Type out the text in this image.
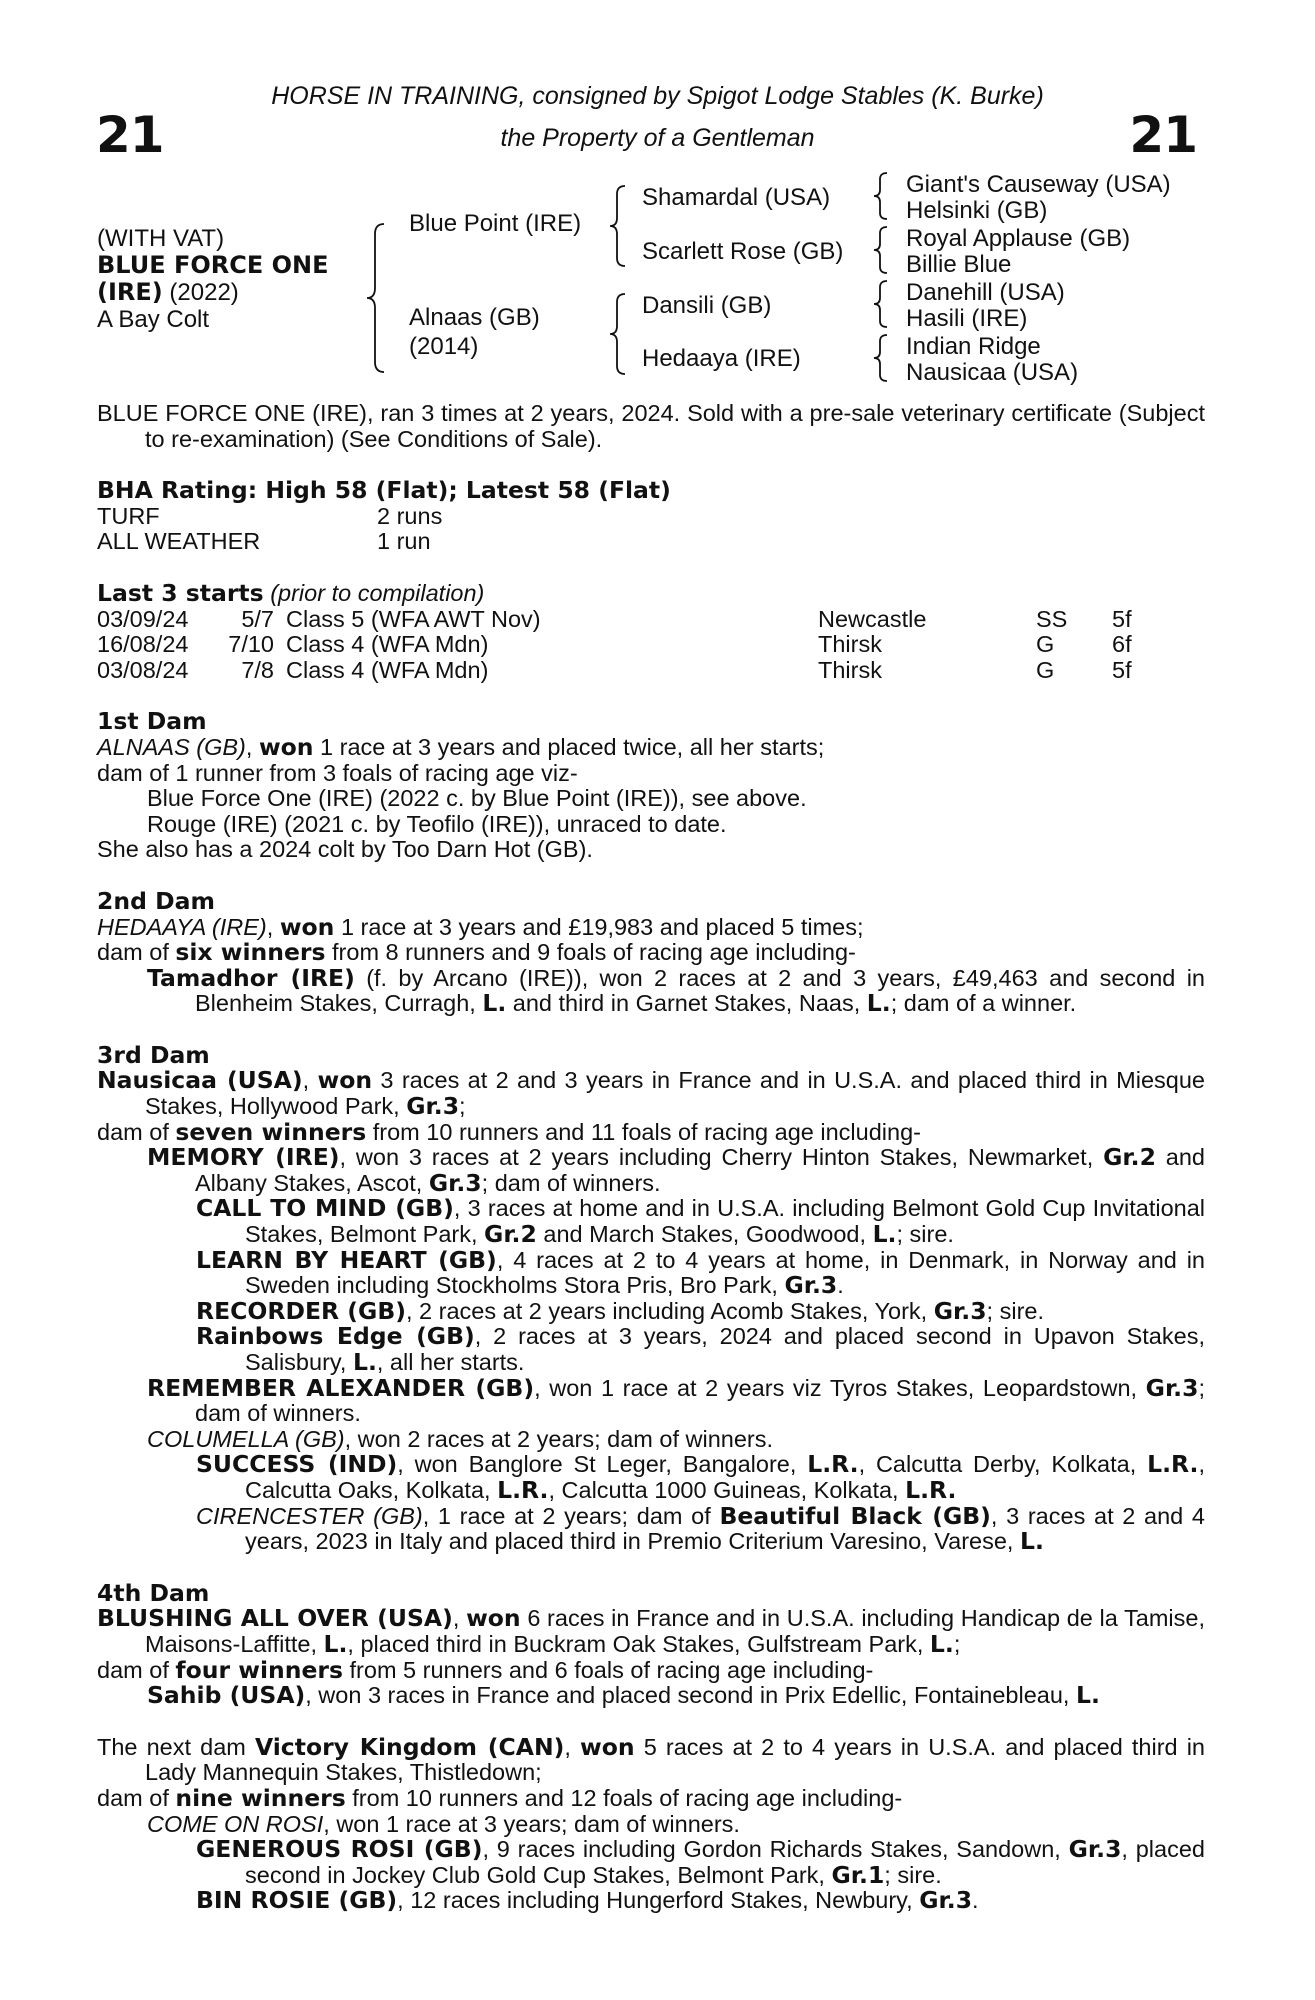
21	21
HORSE IN TRAINING, consigned by Spigot Lodge Stables (K. Burke)
the Property of a Gentleman
(WITH VAT)
BLUE FORCE ONE
(IRE) (2022)
A Bay Colt
Blue Point (IRE)
Alnaas (GB)
(2014)
Shamardal (USA)
Scarlett Rose (GB)
Dansili (GB)
Hedaaya (IRE)
Giant's Causeway (USA)
Helsinki (GB)
Royal Applause (GB)
Billie Blue
Danehill (USA)
Hasili (IRE)
Indian Ridge
Nausicaa (USA)

BLUE FORCE ONE (IRE), ran 3 times at 2 years, 2024. Sold with a pre-sale veterinary certificate (Subject to re-examination) (See Conditions of Sale).

BHA Rating: High 58 (Flat); Latest 58 (Flat)

TURF	2 runs
ALL WEATHER	1 run

Last 3 starts (prior to compilation)

03/09/24	5/7 Class 5 (WFA AWT Nov)	Newcastle	SS	5f
16/08/24	7/10 Class 4 (WFA Mdn)	Thirsk	G	6f
03/08/24	7/8 Class 4 (WFA Mdn)	Thirsk	G	5f

1st Dam

ALNAAS (GB), won 1 race at 3 years and placed twice, all her starts;

dam of 1 runner from 3 foals of racing age viz-

Blue Force One (IRE) (2022 c. by Blue Point (IRE)), see above.

Rouge (IRE) (2021 c. by Teofilo (IRE)), unraced to date.

She also has a 2024 colt by Too Darn Hot (GB).

2nd Dam

HEDAAYA (IRE), won 1 race at 3 years and £19,983 and placed 5 times;

dam of six winners from 8 runners and 9 foals of racing age including-

Tamadhor (IRE) (f. by Arcano (IRE)), won 2 races at 2 and 3 years, £49,463 and second in Blenheim Stakes, Curragh, L. and third in Garnet Stakes, Naas, L.; dam of a winner.

3rd Dam

Nausicaa (USA), won 3 races at 2 and 3 years in France and in U.S.A. and placed third in Miesque Stakes, Hollywood Park, Gr.3;

dam of seven winners from 10 runners and 11 foals of racing age including-

MEMORY (IRE), won 3 races at 2 years including Cherry Hinton Stakes, Newmarket, Gr.2 and Albany Stakes, Ascot, Gr.3; dam of winners.

CALL TO MIND (GB), 3 races at home and in U.S.A. including Belmont Gold Cup Invitational Stakes, Belmont Park, Gr.2 and March Stakes, Goodwood, L.; sire.

LEARN BY HEART (GB), 4 races at 2 to 4 years at home, in Denmark, in Norway and in Sweden including Stockholms Stora Pris, Bro Park, Gr.3.

RECORDER (GB), 2 races at 2 years including Acomb Stakes, York, Gr.3; sire.

Rainbows Edge (GB), 2 races at 3 years, 2024 and placed second in Upavon Stakes, Salisbury, L., all her starts.

REMEMBER ALEXANDER (GB), won 1 race at 2 years viz Tyros Stakes, Leopardstown, Gr.3; dam of winners.

COLUMELLA (GB), won 2 races at 2 years; dam of winners.

SUCCESS (IND), won Banglore St Leger, Bangalore, L.R., Calcutta Derby, Kolkata, L.R., Calcutta Oaks, Kolkata, L.R., Calcutta 1000 Guineas, Kolkata, L.R.

CIRENCESTER (GB), 1 race at 2 years; dam of Beautiful Black (GB), 3 races at 2 and 4 years, 2023 in Italy and placed third in Premio Criterium Varesino, Varese, L.

4th Dam

BLUSHING ALL OVER (USA), won 6 races in France and in U.S.A. including Handicap de la Tamise, Maisons-Laffitte, L., placed third in Buckram Oak Stakes, Gulfstream Park, L.;

dam of four winners from 5 runners and 6 foals of racing age including-

Sahib (USA), won 3 races in France and placed second in Prix Edellic, Fontainebleau, L.

The next dam Victory Kingdom (CAN), won 5 races at 2 to 4 years in U.S.A. and placed third in Lady Mannequin Stakes, Thistledown;

dam of nine winners from 10 runners and 12 foals of racing age including-

COME ON ROSI, won 1 race at 3 years; dam of winners.

GENEROUS ROSI (GB), 9 races including Gordon Richards Stakes, Sandown, Gr.3, placed second in Jockey Club Gold Cup Stakes, Belmont Park, Gr.1; sire.

BIN ROSIE (GB), 12 races including Hungerford Stakes, Newbury, Gr.3.
